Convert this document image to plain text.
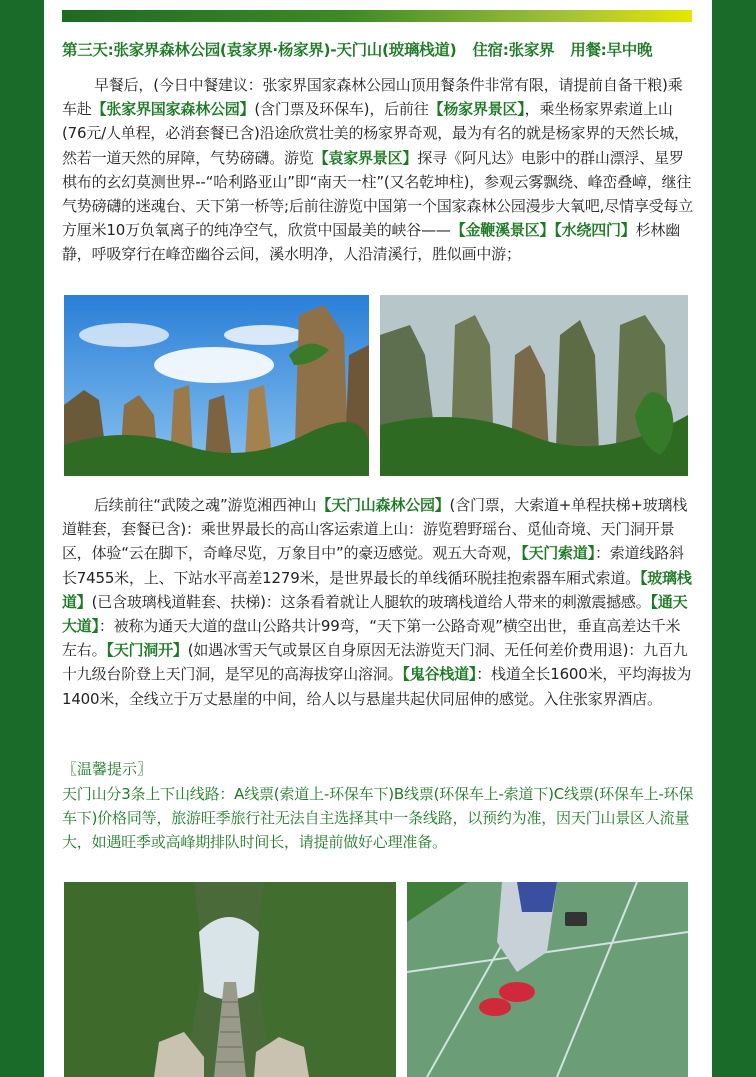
第三天:张家界森林公园(袁家界·杨家界)-天门山(玻璃栈道) 住宿:张家界 用餐:早中晚
早餐后，(今日中餐建议：张家界国家森林公园山顶用餐条件非常有限，请提前自备干粮)乘车赴【张家界国家森林公园】(含门票及环保车)，后前往【杨家界景区】，乘坐杨家界索道上山(76元/人单程，必消套餐已含)沿途欣赏壮美的杨家界奇观，最为有名的就是杨家界的天然长城，然若一道天然的屏障，气势磅礴。游览【袁家界景区】探寻《阿凡达》电影中的群山漂浮、星罗棋布的玄幻莫测世界--“哈利路亚山”即“南天一柱”(又名乾坤柱)，参观云雾飘绕、峰峦叠嶂，继往气势磅礴的迷魂台、天下第一桥等;后前往游览中国第一个国家森林公园漫步大氧吧,尽情享受每立方厘米10万负氧离子的纯净空气，欣赏中国最美的峡谷——【金鞭溪景区】【水绕四门】杉林幽静，呼吸穿行在峰峦幽谷云间，溪水明净，人沿清溪行，胜似画中游；
后续前往“武陵之魂”游览湘西神山【天门山森林公园】(含门票，大索道+单程扶梯+玻璃栈道鞋套，套餐已含)：乘世界最长的高山客运索道上山：游览碧野瑶台、觅仙奇境、天门洞开景区，体验“云在脚下，奇峰尽览，万象目中”的豪迈感觉。观五大奇观，【天门索道】：索道线路斜长7455米，上、下站水平高差1279米，是世界最长的单线循环脱挂抱索器车厢式索道。【玻璃栈道】(已含玻璃栈道鞋套、扶梯)：这条看着就让人腿软的玻璃栈道给人带来的刺激震撼感。【通天大道】：被称为通天大道的盘山公路共计99弯，“天下第一公路奇观”横空出世，垂直高差达千米左右。【天门洞开】(如遇冰雪天气或景区自身原因无法游览天门洞、无任何差价费用退)：九百九十九级台阶登上天门洞，是罕见的高海拔穿山溶洞。【鬼谷栈道】：栈道全长1600米，平均海拔为1400米，全线立于万丈悬崖的中间，给人以与悬崖共起伏同屈伸的感觉。入住张家界酒店。
〖温馨提示〗
天门山分3条上下山线路：A线票(索道上-环保车下)B线票(环保车上-索道下)C线票(环保车上-环保车下)价格同等，旅游旺季旅行社无法自主选择其中一条线路，以预约为准，因天门山景区人流量大，如遇旺季或高峰期排队时间长，请提前做好心理准备。
